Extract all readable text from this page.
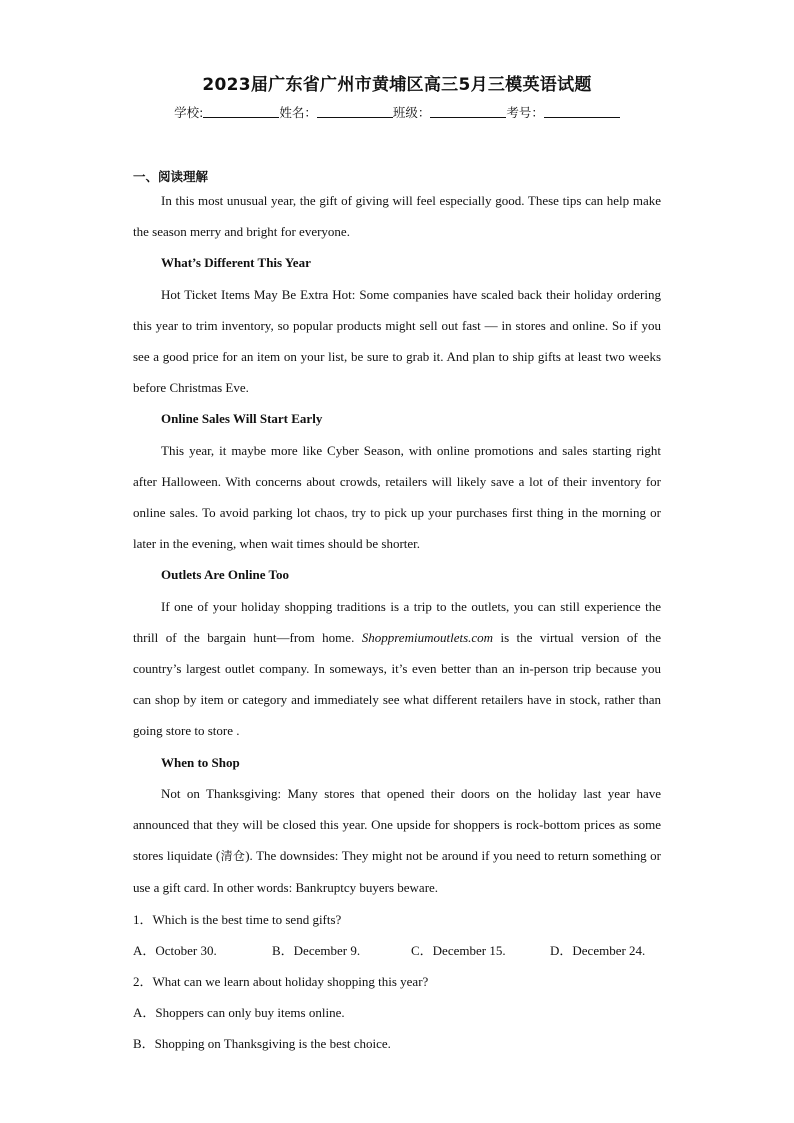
2023届广东省广州市黄埔区高三5月三模英语试题
学校:	姓名：	班级：	考号：
一、阅读理解

In this most unusual year, the gift of giving will feel especially good. These tips can help make the season merry and bright for everyone.

What’s Different This Year

Hot Ticket Items May Be Extra Hot: Some companies have scaled back their holiday ordering this year to trim inventory, so popular products might sell out fast — in stores and online. So if you see a good price for an item on your list, be sure to grab it. And plan to ship gifts at least two weeks before Christmas Eve.

Online Sales Will Start Early

This year, it maybe more like Cyber Season, with online promotions and sales starting right after Halloween. With concerns about crowds, retailers will likely save a lot of their inventory for online sales. To avoid parking lot chaos, try to pick up your purchases first thing in the morning or later in the evening, when wait times should be shorter.

Outlets Are Online Too

If one of your holiday shopping traditions is a trip to the outlets, you can still experience the thrill of the bargain hunt—from home. Shoppremiumoutlets.com is the virtual version of the country’s largest outlet company. In someways, it’s even better than an in-person trip because you can shop by item or category and immediately see what different retailers have in stock, rather than going store to store .

When to Shop

Not on Thanksgiving: Many stores that opened their doors on the holiday last year have announced that they will be closed this year. One upside for shoppers is rock-bottom prices as some stores liquidate (清仓). The downsides: They might not be around if you need to return something or use a gift card. In other words: Bankruptcy buyers beware.

1．Which is the best time to send gifts?

A．October 30.	B．December 9.	C．December 15.	D．December 24.

2．What can we learn about holiday shopping this year?

A．Shoppers can only buy items online.

B．Shopping on Thanksgiving is the best choice.
